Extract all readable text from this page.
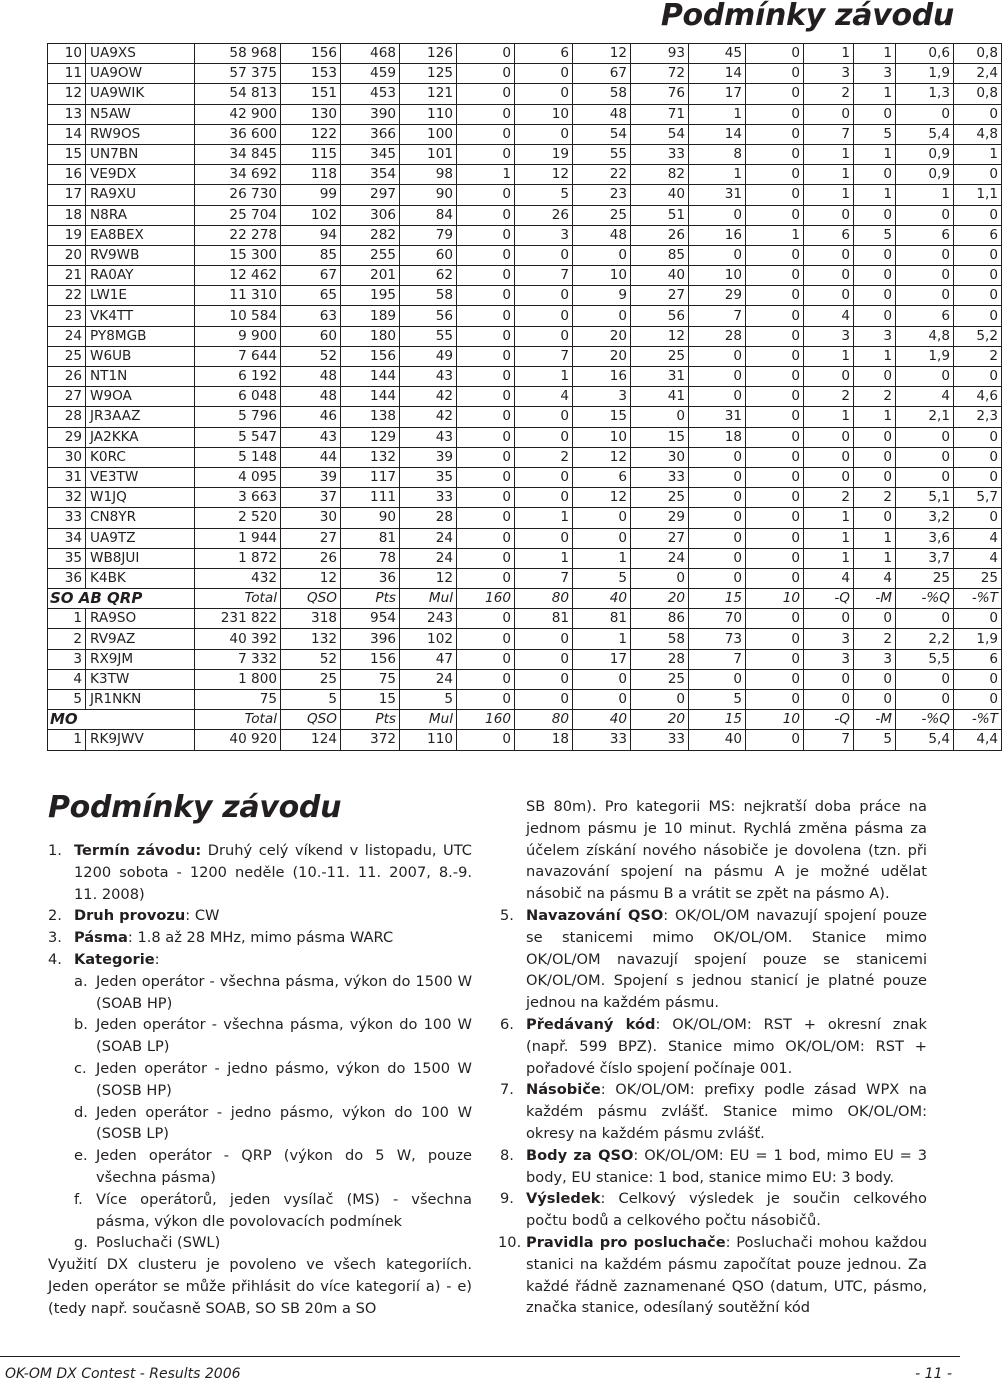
Podmínky závodu
10	UA9XS	58 968	156	468	126	0	6	12	93	45	0	1	1	0,6	0,8
11	UA9OW	57 375	153	459	125	0	0	67	72	14	0	3	3	1,9	2,4
12	UA9WIK	54 813	151	453	121	0	0	58	76	17	0	2	1	1,3	0,8
13	N5AW	42 900	130	390	110	0	10	48	71	1	0	0	0	0	0
14	RW9OS	36 600	122	366	100	0	0	54	54	14	0	7	5	5,4	4,8
15	UN7BN	34 845	115	345	101	0	19	55	33	8	0	1	1	0,9	1
16	VE9DX	34 692	118	354	98	1	12	22	82	1	0	1	0	0,9	0
17	RA9XU	26 730	99	297	90	0	5	23	40	31	0	1	1	1	1,1
18	N8RA	25 704	102	306	84	0	26	25	51	0	0	0	0	0	0
19	EA8BEX	22 278	94	282	79	0	3	48	26	16	1	6	5	6	6
20	RV9WB	15 300	85	255	60	0	0	0	85	0	0	0	0	0	0
21	RA0AY	12 462	67	201	62	0	7	10	40	10	0	0	0	0	0
22	LW1E	11 310	65	195	58	0	0	9	27	29	0	0	0	0	0
23	VK4TT	10 584	63	189	56	0	0	0	56	7	0	4	0	6	0
24	PY8MGB	9 900	60	180	55	0	0	20	12	28	0	3	3	4,8	5,2
25	W6UB	7 644	52	156	49	0	7	20	25	0	0	1	1	1,9	2
26	NT1N	6 192	48	144	43	0	1	16	31	0	0	0	0	0	0
27	W9OA	6 048	48	144	42	0	4	3	41	0	0	2	2	4	4,6
28	JR3AAZ	5 796	46	138	42	0	0	15	0	31	0	1	1	2,1	2,3
29	JA2KKA	5 547	43	129	43	0	0	10	15	18	0	0	0	0	0
30	K0RC	5 148	44	132	39	0	2	12	30	0	0	0	0	0	0
31	VE3TW	4 095	39	117	35	0	0	6	33	0	0	0	0	0	0
32	W1JQ	3 663	37	111	33	0	0	12	25	0	0	2	2	5,1	5,7
33	CN8YR	2 520	30	90	28	0	1	0	29	0	0	1	0	3,2	0
34	UA9TZ	1 944	27	81	24	0	0	0	27	0	0	1	1	3,6	4
35	WB8JUI	1 872	26	78	24	0	1	1	24	0	0	1	1	3,7	4
36	K4BK	432	12	36	12	0	7	5	0	0	0	4	4	25	25
SO AB QRP		Total	QSO	Pts	Mul	160	80	40	20	15	10	-Q	-M	-%Q	-%T
1	RA9SO	231 822	318	954	243	0	81	81	86	70	0	0	0	0	0
2	RV9AZ	40 392	132	396	102	0	0	1	58	73	0	3	2	2,2	1,9
3	RX9JM	7 332	52	156	47	0	0	17	28	7	0	3	3	5,5	6
4	K3TW	1 800	25	75	24	0	0	0	25	0	0	0	0	0	0
5	JR1NKN	75	5	15	5	0	0	0	0	5	0	0	0	0	0
MO		Total	QSO	Pts	Mul	160	80	40	20	15	10	-Q	-M	-%Q	-%T
1	RK9JWV	40 920	124	372	110	0	18	33	33	40	0	7	5	5,4	4,4
Podmínky závodu
1. Termín závodu: Druhý celý víkend v listopadu, UTC 1200 sobota - 1200 neděle (10.-11. 11. 2007, 8.-9. 11. 2008)
2. Druh provozu: CW
3. Pásma: 1.8 až 28 MHz, mimo pásma WARC
4. Kategorie:
a. Jeden operátor - všechna pásma, výkon do 1500 W (SOAB HP)
b. Jeden operátor - všechna pásma, výkon do 100 W (SOAB LP)
c. Jeden operátor - jedno pásmo, výkon do 1500 W (SOSB HP)
d. Jeden operátor - jedno pásmo, výkon do 100 W (SOSB LP)
e. Jeden operátor - QRP (výkon do 5 W, pouze všechna pásma)
f. Více operátorů, jeden vysílač (MS) - všechna pásma, výkon dle povolovacích podmínek
g. Posluchači (SWL)

Využití DX clusteru je povoleno ve všech kategoriích. Jeden operátor se může přihlásit do více kategorií a) - e) (tedy např. současně SOAB, SO SB 20m a SO

SB 80m). Pro kategorii MS: nejkratší doba práce na jednom pásmu je 10 minut. Rychlá změna pásma za účelem získání nového násobiče je dovolena (tzn. při navazování spojení na pásmu A je možné udělat násobič na pásmu B a vrátit se zpět na pásmo A).

5. Navazování QSO: OK/OL/OM navazují spojení pouze se stanicemi mimo OK/OL/OM. Stanice mimo OK/OL/OM navazují spojení pouze se stanicemi OK/OL/OM. Spojení s jednou stanicí je platné pouze jednou na každém pásmu.
6. Předávaný kód: OK/OL/OM: RST + okresní znak (např. 599 BPZ). Stanice mimo OK/OL/OM: RST + pořadové číslo spojení počínaje 001.
7. Násobiče: OK/OL/OM: prefixy podle zásad WPX na každém pásmu zvlášť. Stanice mimo OK/OL/OM: okresy na každém pásmu zvlášť.
8. Body za QSO: OK/OL/OM: EU = 1 bod, mimo EU = 3 body, EU stanice: 1 bod, stanice mimo EU: 3 body.
9. Výsledek: Celkový výsledek je součin celkového počtu bodů a celkového počtu násobičů.
10. Pravidla pro posluchače: Posluchači mohou každou stanici na každém pásmu započítat pouze jednou. Za každé řádně zaznamenané QSO (datum, UTC, pásmo, značka stanice, odesílaný soutěžní kód
OK-OM DX Contest - Results 2006	- 11 -
